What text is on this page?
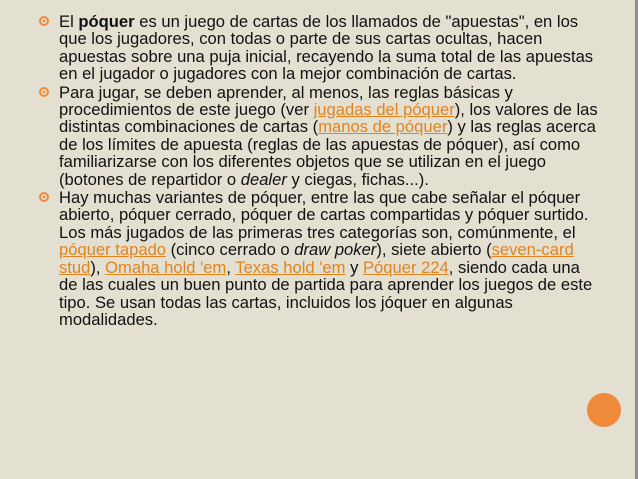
El póquer es un juego de cartas de los llamados de "apuestas", en los que los jugadores, con todas o parte de sus cartas ocultas, hacen apuestas sobre una puja inicial, recayendo la suma total de las apuestas en el jugador o jugadores con la mejor combinación de cartas.

Para jugar, se deben aprender, al menos, las reglas básicas y procedimientos de este juego (ver jugadas del póquer), los valores de las distintas combinaciones de cartas (manos de póquer) y las reglas acerca de los límites de apuesta (reglas de las apuestas de póquer), así como familiarizarse con los diferentes objetos que se utilizan en el juego (botones de repartidor o dealer y ciegas, fichas...).

Hay muchas variantes de póquer, entre las que cabe señalar el póquer abierto, póquer cerrado, póquer de cartas compartidas y póquer surtido. Los más jugados de las primeras tres categorías son, comúnmente, el póquer tapado (cinco cerrado o draw poker), siete abierto (seven-card stud), Omaha hold 'em, Texas hold 'em y Póquer 224, siendo cada una de las cuales un buen punto de partida para aprender los juegos de este tipo. Se usan todas las cartas, incluidos los jóquer en algunas modalidades.
